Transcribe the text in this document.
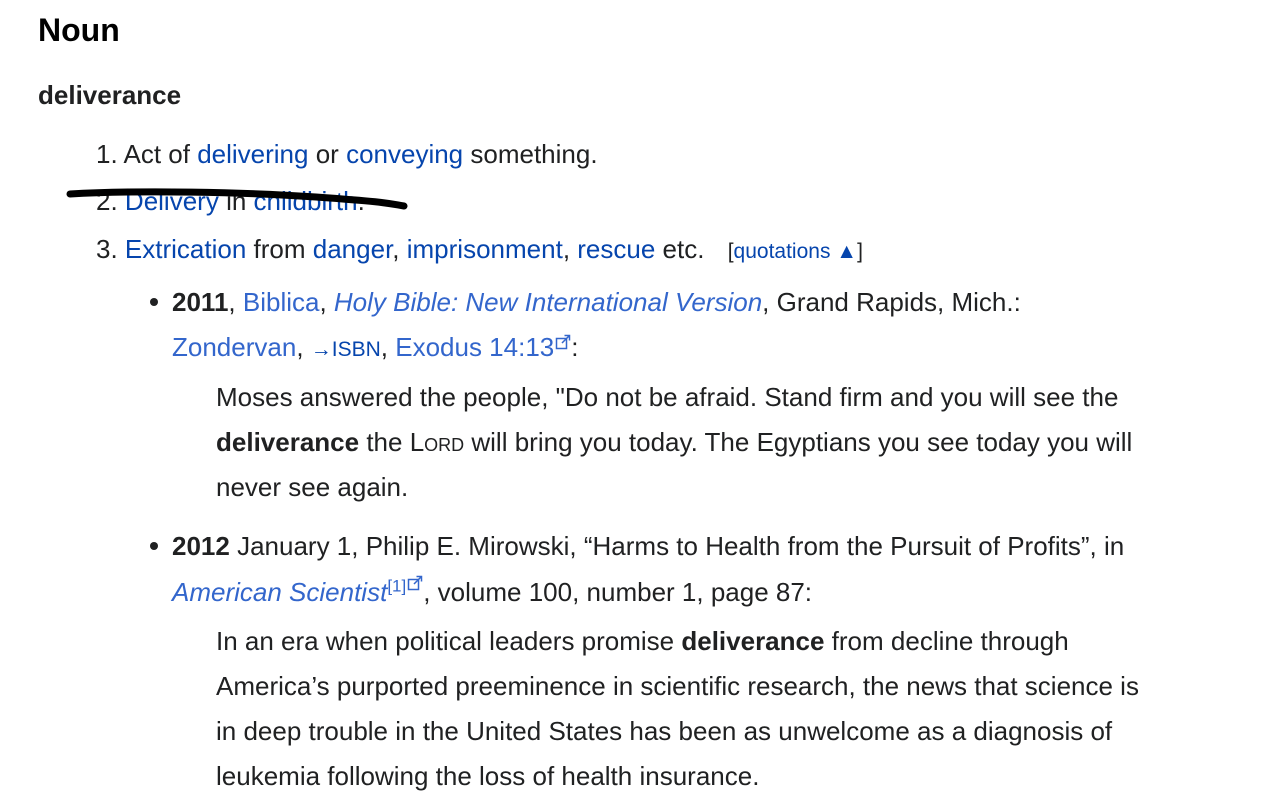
Noun
deliverance
1. Act of delivering or conveying something.
2. Delivery in childbirth.
3. Extrication from danger, imprisonment, rescue etc. [quotations ▲]
2011, Biblica, Holy Bible: New International Version, Grand Rapids, Mich.:
Zondervan, →ISBN, Exodus 14:13 :
Moses answered the people, "Do not be afraid. Stand firm and you will see the
deliverance the Lord will bring you today. The Egyptians you see today you will
never see again.
2012 January 1, Philip E. Mirowski, “Harms to Health from the Pursuit of Profits”, in
American Scientist[1] , volume 100, number 1, page 87:
In an era when political leaders promise deliverance from decline through
America’s purported preeminence in scientific research, the news that science is
in deep trouble in the United States has been as unwelcome as a diagnosis of
leukemia following the loss of health insurance.
